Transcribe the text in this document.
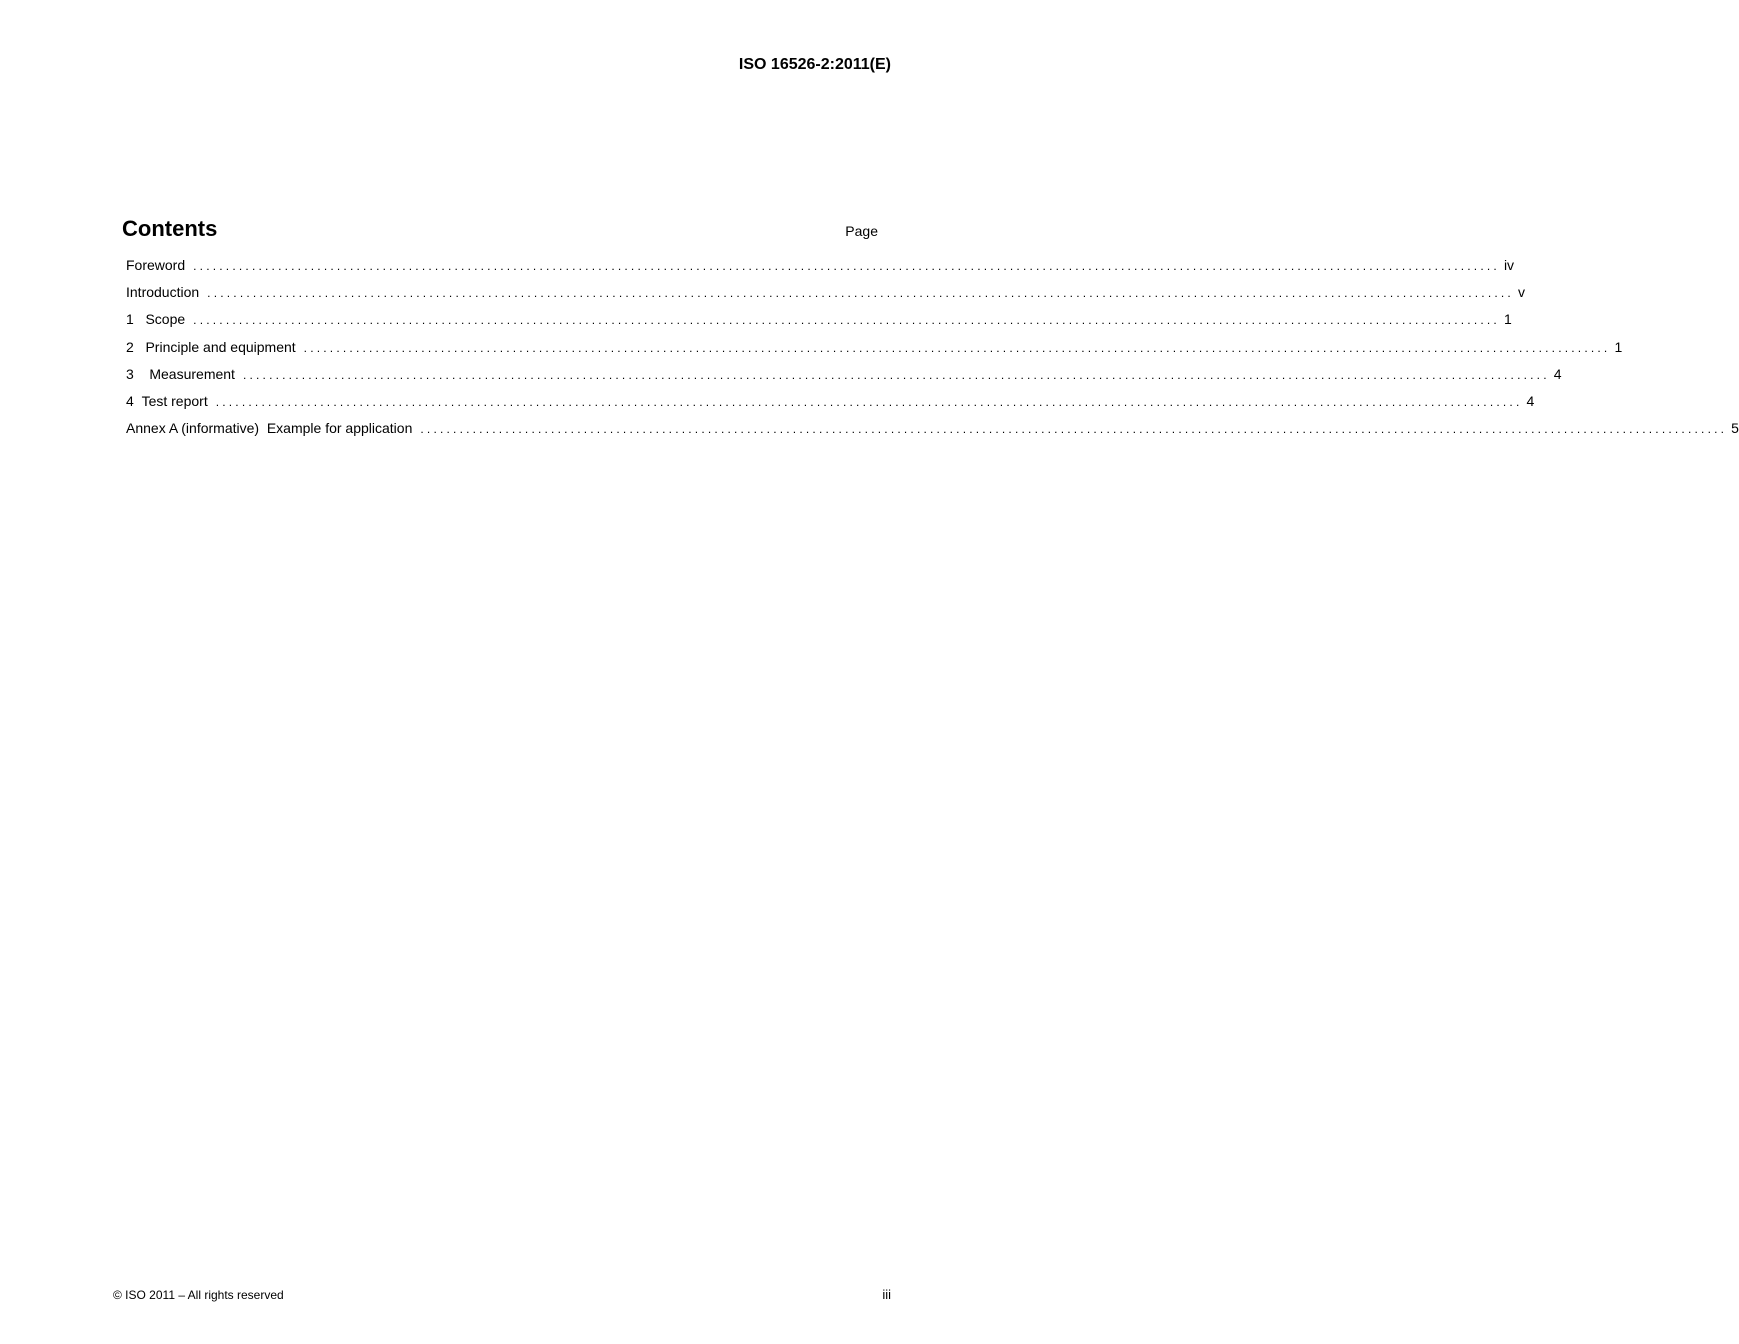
ISO 16526-2:2011(E)
Contents	Page
Foreword ........................................................................................................................................................................................................ iv
Introduction ........................................................................................................................................................................................................ v
1   Scope ........................................................................................................................................................................................................ 1
2   Principle and equipment ........................................................................................................................................................................................................ 1
3    Measurement ........................................................................................................................................................................................................ 4
4  Test report ........................................................................................................................................................................................................ 4
Annex A (informative)  Example for application ........................................................................................................................................................................................................ 5
© ISO 2011 – All rights reserved	iii
